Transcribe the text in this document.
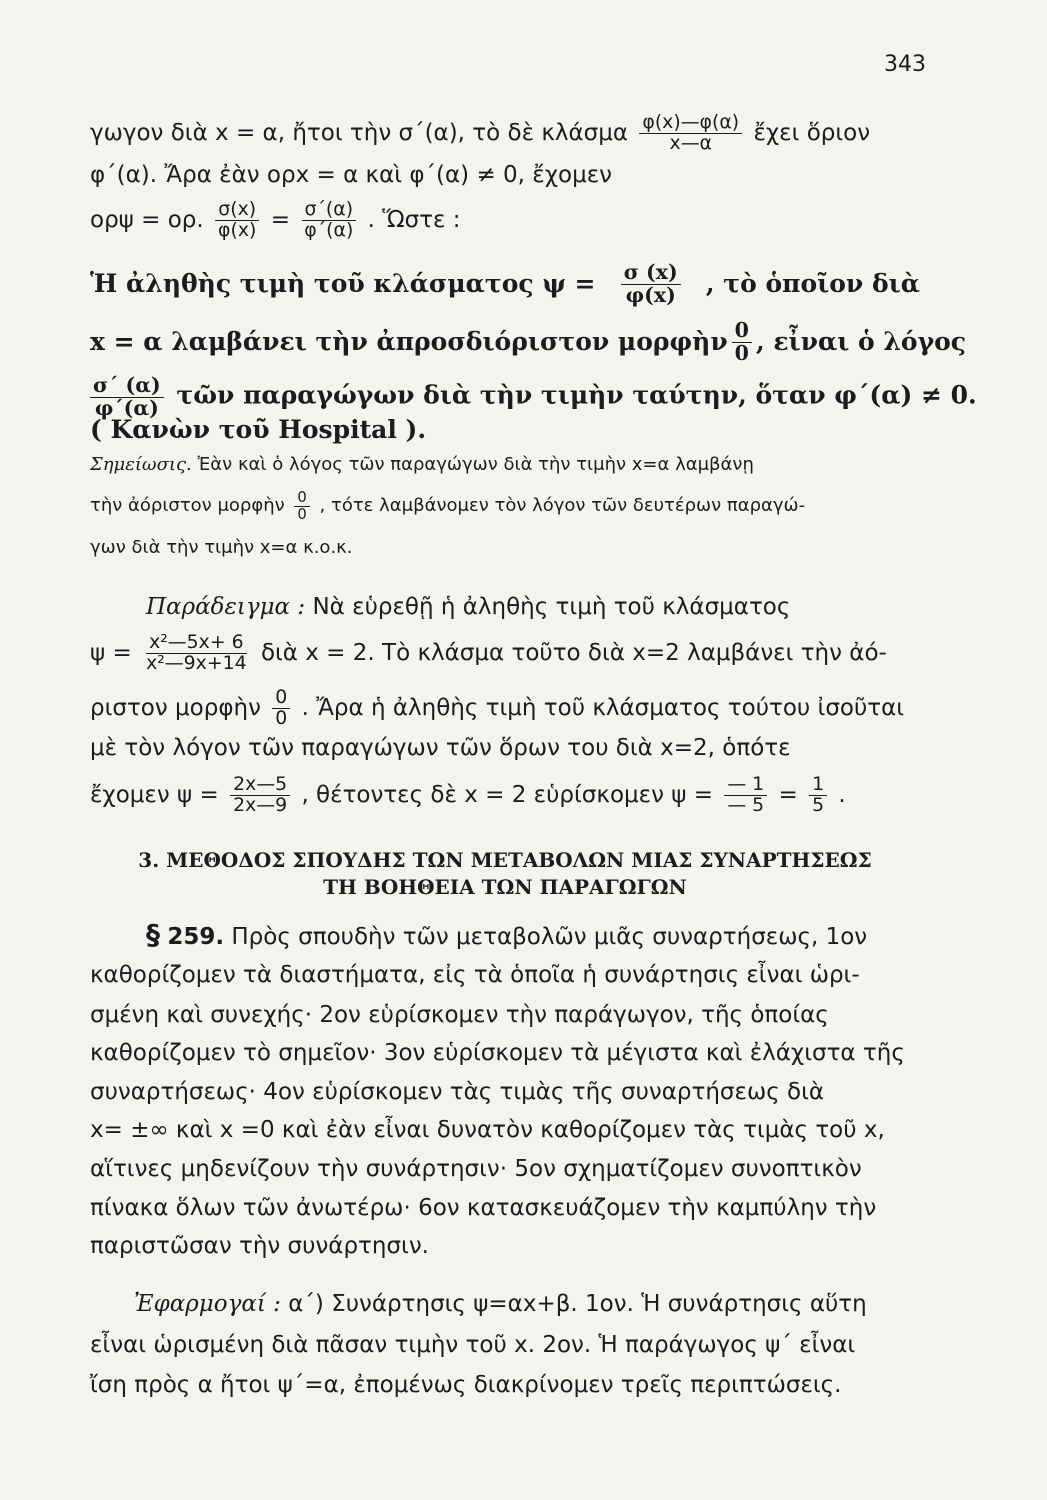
343
γωγον διὰ x = α, ἤτοι τὴν σ΄(α), τὸ δὲ κλάσμα $\frac{\varphi(x)—\varphi(\alpha)}{x—\alpha}$ ἔχει ὅριον
φ΄(α). Ἄρα ἐὰν ορx = α καὶ φ΄(α) ≠ 0, ἔχομεν
ορψ = ορ. $\frac{\sigma(x)}{\varphi(x)} = \frac{\sigma΄(\alpha)}{\varphi΄(\alpha)}$ . Ὥστε :
Ἡ ἀληθὴς τιμὴ τοῦ κλάσματος $\psi = \frac{\sigma (x)}{\varphi(x)}$ , τὸ ὁποῖον διὰ
x = α λαμβάνει τὴν ἀπροσδιόριστον μορφὴν $\frac{0}{0}$ , εἶναι ὁ λόγος
$\frac{\sigma΄ (\alpha)}{\varphi΄(\alpha)}$ τῶν παραγώγων διὰ τὴν τιμὴν ταύτην, ὅταν φ΄(α) ≠ 0.
( Κανὼν τοῦ Hospital ).
Σημείωσις. Ἐὰν καὶ ὁ λόγος τῶν παραγώγων διὰ τὴν τιμὴν x=α λαμβάνῃ
τὴν ἀόριστον μορφὴν $\frac{0}{0}$ , τότε λαμβάνομεν τὸν λόγον τῶν δευτέρων παραγώ-
γων διὰ τὴν τιμὴν x=α κ.ο.κ.
Παράδειγμα : Νὰ εὑρεθῇ ἡ ἀληθὴς τιμὴ τοῦ κλάσματος
$\psi = \frac{\text{x²—5x+ 6}}{\text{x²—9x+14}}$ διὰ x = 2. Τὸ κλάσμα τοῦτο διὰ x=2 λαμβάνει τὴν ἀό-
ριστον μορφὴν $\frac{0}{0}$ . Ἄρα ἡ ἀληθὴς τιμὴ τοῦ κλάσματος τούτου ἰσοῦται
μὲ τὸν λόγον τῶν παραγώγων τῶν ὅρων του διὰ x=2, ὁπότε
ἔχομεν $\psi = \frac{2x—5}{2x—9}$ , θέτοντες δὲ x = 2 εὑρίσκομεν $\psi = \frac{— 1}{— 5} = \frac{1}{5}$ .
3. ΜΕΘΟΔΟΣ ΣΠΟΥΔΗΣ ΤΩΝ ΜΕΤΑΒΟΛΩΝ ΜΙΑΣ ΣΥΝΑΡΤΗΣΕΩΣ
ΤΗ ΒΟΗΘΕΙΑ ΤΩΝ ΠΑΡΑΓΩΓΩΝ
§ 259. Πρὸς σπουδὴν τῶν μεταβολῶν μιᾶς συναρτήσεως, 1ον
καθορίζομεν τὰ διαστήματα, εἰς τὰ ὁποῖα ἡ συνάρτησις εἶναι ὡρι-
σμένη καὶ συνεχής· 2ον εὑρίσκομεν τὴν παράγωγον, τῆς ὁποίας
καθορίζομεν τὸ σημεῖον· 3ον εὑρίσκομεν τὰ μέγιστα καὶ ἐλάχιστα τῆς
συναρτήσεως· 4ον εὑρίσκομεν τὰς τιμὰς τῆς συναρτήσεως διὰ
x= ±∞ καὶ x =0 καὶ ἐὰν εἶναι δυνατὸν καθορίζομεν τὰς τιμὰς τοῦ x,
αἵτινες μηδενίζουν τὴν συνάρτησιν· 5ον σχηματίζομεν συνοπτικὸν
πίνακα ὅλων τῶν ἀνωτέρω· 6ον κατασκευάζομεν τὴν καμπύλην τὴν
παριστῶσαν τὴν συνάρτησιν.
Ἐφαρμογαί : α΄) Συνάρτησις ψ=αx+β. 1ον. Ἡ συνάρτησις αὕτη
εἶναι ὡρισμένη διὰ πᾶσαν τιμὴν τοῦ x. 2ον. Ἡ παράγωγος ψ΄ εἶναι
ἴση πρὸς α ἤτοι ψ΄=α, ἐπομένως διακρίνομεν τρεῖς περιπτώσεις.
